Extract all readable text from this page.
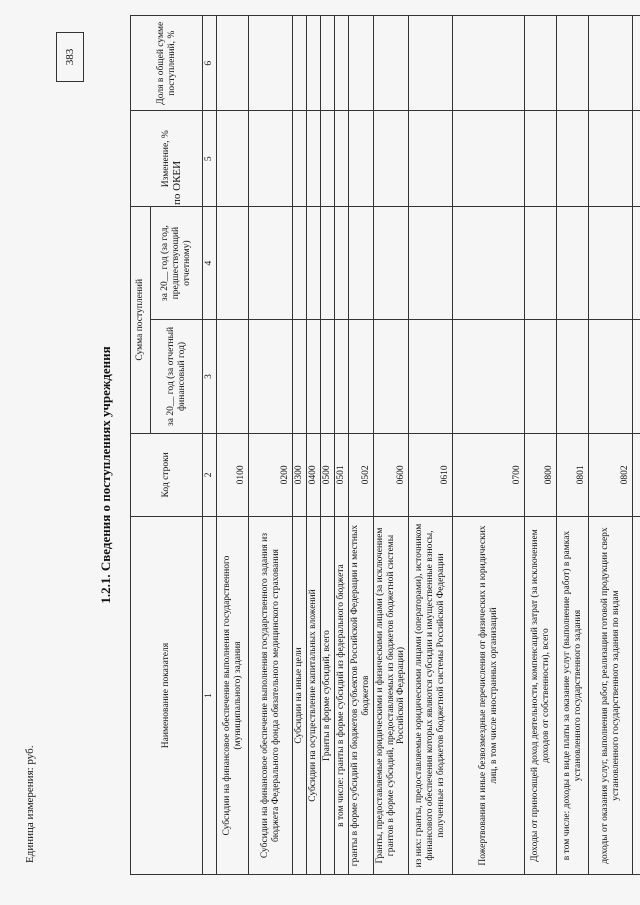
Единица измерения: руб.
по ОКЕИ
383
1.2.1. Сведения о поступлениях учреждения
Наименование показателя	Код строки	Сумма поступлений		Изменение, %	Доля в общей сумме поступлений, %
		за 20__ год (за отчетный финансовый год)	за 20__ год (за год, предшествующий отчетному)		
1	2	3	4	5	6
Субсидии на финансовое обеспечение выполнения государственного (муниципального) задания	0100				
Субсидии на финансовое обеспечение выполнения государственного задания из бюджета Федерального фонда обязательного медицинского страхования	0200				
Субсидии на иные цели	0300				
Субсидии на осуществление капитальных вложений	0400				
Гранты в форме субсидий, всего	0500				
в том числе: гранты в форме субсидий из федерального бюджета	0501				
гранты в форме субсидий из бюджетов субъектов Российской Федерации и местных бюджетов	0502				
Гранты, предоставляемые юридическими и физическими лицами (за исключением грантов в форме субсидий, предоставляемых из бюджетов бюджетной системы Российской Федерации)	0600				
из них: гранты, предоставляемые юридическими лицами (операторами), источником финансового обеспечения которых являются субсидии и имущественные взносы, полученные из бюджетов бюджетной системы Российской Федерации	0610				
Пожертвования и иные безвозмездные перечисления от физических и юридических лиц, в том числе иностранных организаций	0700				
Доходы от приносящей доход деятельности, компенсаций затрат (за исключением доходов от собственности), всего	0800				
в том числе: доходы в виде платы за оказание услуг (выполнение работ) в рамках установленного государственного задания	0801				
доходы от оказания услуг, выполнения работ, реализации готовой продукции сверх установленного государственного задания по видам	0802				
